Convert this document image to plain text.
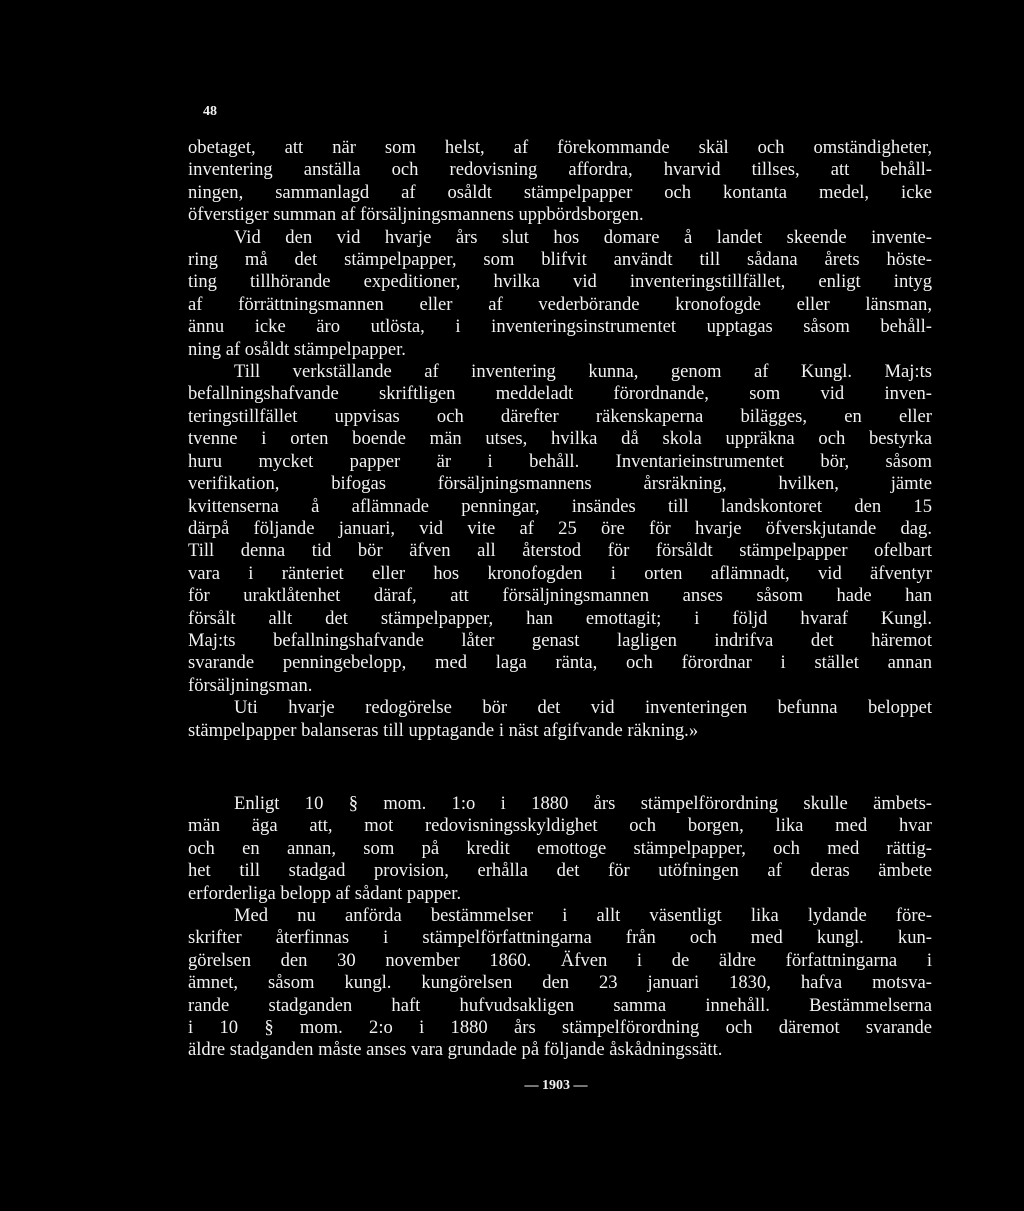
48
obetaget, att när som helst, af förekommande skäl och omständigheter,
inventering anställa och redovisning affordra, hvarvid tillses, att behåll-
ningen, sammanlagd af osåldt stämpelpapper och kontanta medel, icke
öfverstiger summan af försäljningsmannens uppbördsborgen.
Vid den vid hvarje års slut hos domare å landet skeende invente-
ring må det stämpelpapper, som blifvit användt till sådana årets höste-
ting tillhörande expeditioner, hvilka vid inventeringstillfället, enligt intyg
af förrättningsmannen eller af vederbörande kronofogde eller länsman,
ännu icke äro utlösta, i inventeringsinstrumentet upptagas såsom behåll-
ning af osåldt stämpelpapper.
Till verkställande af inventering kunna, genom af Kungl. Maj:ts
befallningshafvande skriftligen meddeladt förordnande, som vid inven-
teringstillfället uppvisas och därefter räkenskaperna bilägges, en eller
tvenne i orten boende män utses, hvilka då skola uppräkna och bestyrka
huru mycket papper är i behåll. Inventarieinstrumentet bör, såsom
verifikation, bifogas försäljningsmannens årsräkning, hvilken, jämte
kvittenserna å aflämnade penningar, insändes till landskontoret den 15
därpå följande januari, vid vite af 25 öre för hvarje öfverskjutande dag.
Till denna tid bör äfven all återstod för försåldt stämpelpapper ofelbart
vara i ränteriet eller hos kronofogden i orten aflämnadt, vid äfventyr
för uraktlåtenhet däraf, att försäljningsmannen anses såsom hade han
försålt allt det stämpelpapper, han emottagit; i följd hvaraf Kungl.
Maj:ts befallningshafvande låter genast lagligen indrifva det häremot
svarande penningebelopp, med laga ränta, och förordnar i stället annan
försäljningsman.
Uti hvarje redogörelse bör det vid inventeringen befunna beloppet
stämpelpapper balanseras till upptagande i näst afgifvande räkning.»
Enligt 10 § mom. 1:o i 1880 års stämpelförordning skulle ämbets-
män äga att, mot redovisningsskyldighet och borgen, lika med hvar
och en annan, som på kredit emottoge stämpelpapper, och med rättig-
het till stadgad provision, erhålla det för utöfningen af deras ämbete
erforderliga belopp af sådant papper.
Med nu anförda bestämmelser i allt väsentligt lika lydande före-
skrifter återfinnas i stämpelförfattningarna från och med kungl. kun-
görelsen den 30 november 1860. Äfven i de äldre författningarna i
ämnet, såsom kungl. kungörelsen den 23 januari 1830, hafva motsva-
rande stadganden haft hufvudsakligen samma innehåll. Bestämmelserna
i 10 § mom. 2:o i 1880 års stämpelförordning och däremot svarande
äldre stadganden måste anses vara grundade på följande åskådningssätt.
— 1903 —
